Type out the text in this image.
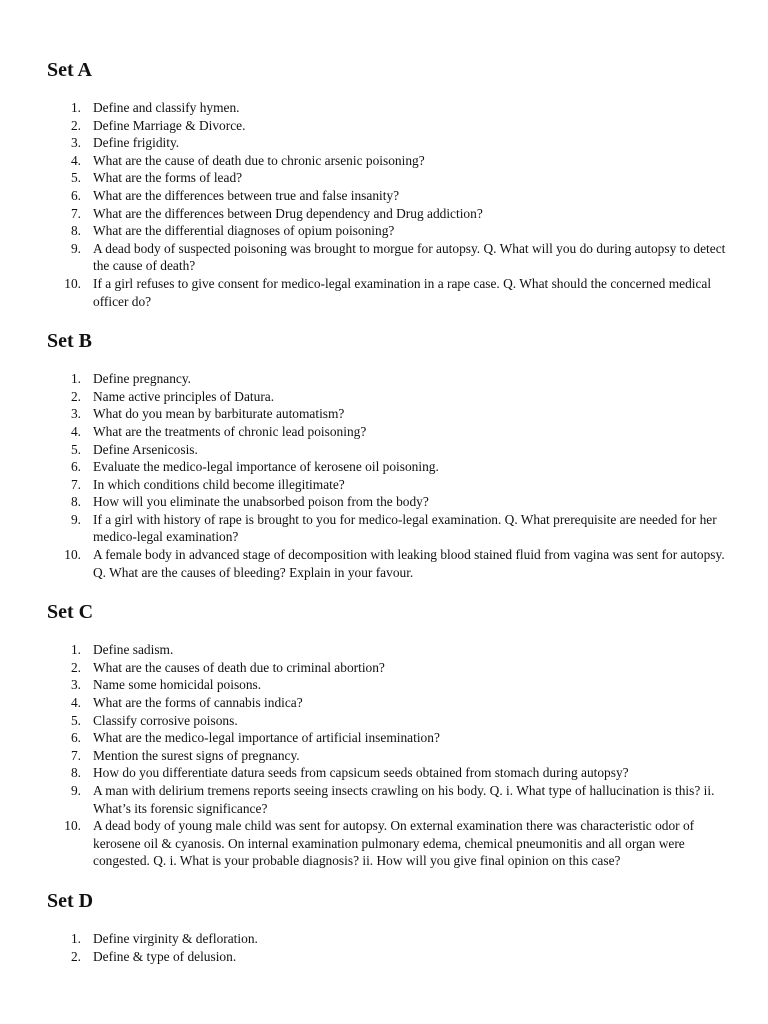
Set A
1. Define and classify hymen.
2. Define Marriage & Divorce.
3. Define frigidity.
4. What are the cause of death due to chronic arsenic poisoning?
5. What are the forms of lead?
6. What are the differences between true and false insanity?
7. What are the differences between Drug dependency and Drug addiction?
8. What are the differential diagnoses of opium poisoning?
9. A dead body of suspected poisoning was brought to morgue for autopsy. Q. What will you do during autopsy to detect the cause of death?
10. If a girl refuses to give consent for medico-legal examination in a rape case. Q. What should the concerned medical officer do?
Set B
1. Define pregnancy.
2. Name active principles of Datura.
3. What do you mean by barbiturate automatism?
4. What are the treatments of chronic lead poisoning?
5. Define Arsenicosis.
6. Evaluate the medico-legal importance of kerosene oil poisoning.
7. In which conditions child become illegitimate?
8. How will you eliminate the unabsorbed poison from the body?
9. If a girl with history of rape is brought to you for medico-legal examination. Q. What prerequisite are needed for her medico-legal examination?
10. A female body in advanced stage of decomposition with leaking blood stained fluid from vagina was sent for autopsy. Q. What are the causes of bleeding? Explain in your favour.
Set C
1. Define sadism.
2. What are the causes of death due to criminal abortion?
3. Name some homicidal poisons.
4. What are the forms of cannabis indica?
5. Classify corrosive poisons.
6. What are the medico-legal importance of artificial insemination?
7. Mention the surest signs of pregnancy.
8. How do you differentiate datura seeds from capsicum seeds obtained from stomach during autopsy?
9. A man with delirium tremens reports seeing insects crawling on his body. Q. i. What type of hallucination is this? ii. What’s its forensic significance?
10. A dead body of young male child was sent for autopsy. On external examination there was characteristic odor of kerosene oil & cyanosis. On internal examination pulmonary edema, chemical pneumonitis and all organ were congested. Q. i. What is your probable diagnosis? ii. How will you give final opinion on this case?
Set D
1. Define virginity & defloration.
2. Define & type of delusion.
